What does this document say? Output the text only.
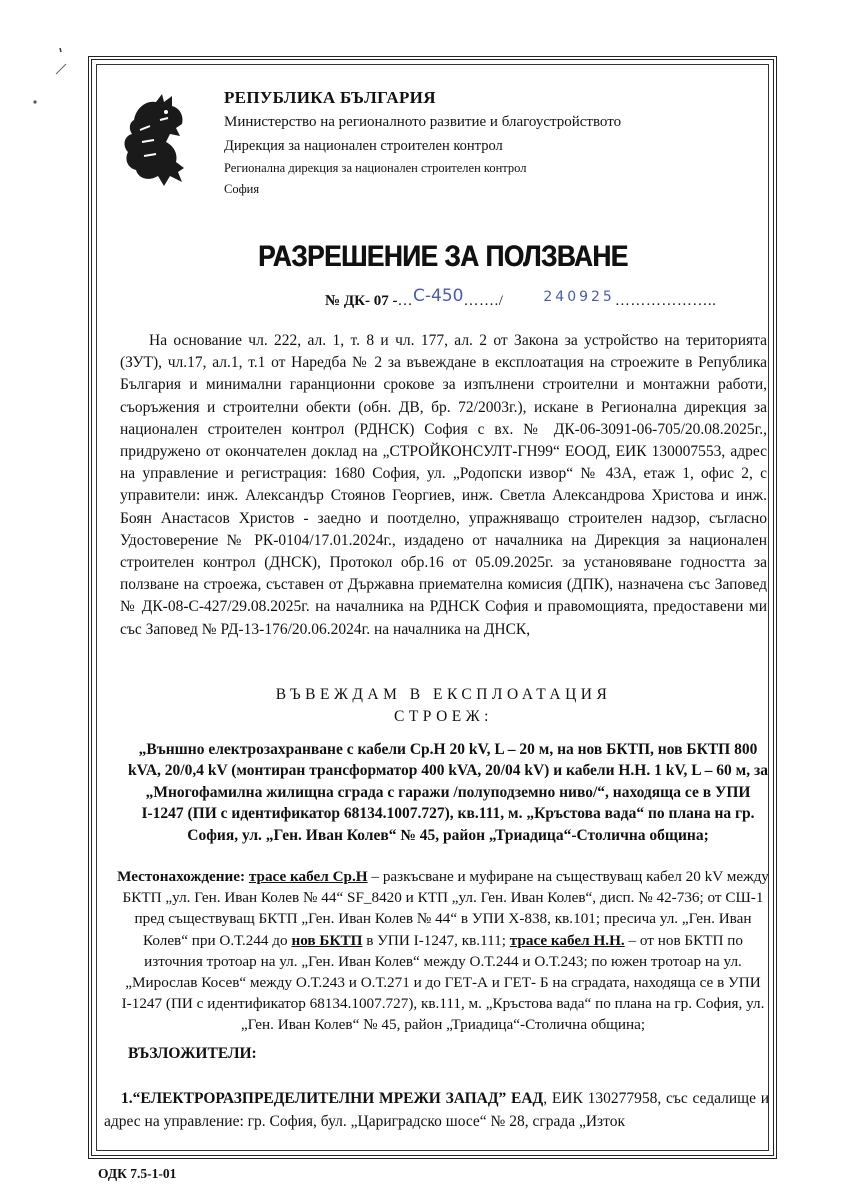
РЕПУБЛИКА БЪЛГАРИЯ
Министерство на регионалното развитие и благоустройството
Дирекция за национален строителен контрол
Регионална дирекция за национален строителен контрол
София
РАЗРЕШЕНИЕ ЗА ПОЛЗВАНЕ
№ ДК- 07 -…С-450……./	240925………………..

На основание чл. 222, ал. 1, т. 8 и чл. 177, ал. 2 от Закона за устройство на територията (ЗУТ), чл.17, ал.1, т.1 от Наредба № 2 за въвеждане в експлоатация на строежите в Република България и минимални гаранционни срокове за изпълнени строителни и монтажни работи, съоръжения и строителни обекти (обн. ДВ, бр. 72/2003г.), искане в Регионална дирекция за национален строителен контрол (РДНСК) София с вх. № ДК-06-3091-06-705/20.08.2025г., придружено от окончателен доклад на „СТРОЙКОНСУЛТ-ГН99“ ЕООД, ЕИК 130007553, адрес на управление и регистрация: 1680 София, ул. „Родопски извор“ № 43А, етаж 1, офис 2, с управители: инж. Александър Стоянов Георгиев, инж. Светла Александрова Христова и инж. Боян Анастасов Христов - заедно и поотделно, упражняващо строителен надзор, съгласно Удостоверение № РК-0104/17.01.2024г., издадено от началника на Дирекция за национален строителен контрол (ДНСК), Протокол обр.16 от 05.09.2025г. за установяване годността за ползване на строежа, съставен от Държавна приемателна комисия (ДПК), назначена със Заповед № ДК-08-С-427/29.08.2025г. на началника на РДНСК София и правомощията, предоставени ми със Заповед № РД-13-176/20.06.2024г. на началника на ДНСК,

ВЪВЕЖДАМ В ЕКСПЛОАТАЦИЯ
СТРОЕЖ:
„Външно електрозахранване с кабели Ср.Н 20 kV, L – 20 м, на нов БКТП, нов БКТП 800 kVA, 20/0,4 kV (монтиран трансформатор 400 kVA, 20/04 kV) и кабели Н.Н. 1 kV, L – 60 м, за „Многофамилна жилищна сграда с гаражи /полуподземно ниво/“, находяща се в УПИ І-1247 (ПИ с идентификатор 68134.1007.727), кв.111, м. „Кръстова вада“ по плана на гр. София, ул. „Ген. Иван Колев“ № 45, район „Триадица“-Столична община;
Местонахождение: трасе кабел Ср.Н – разкъсване и муфиране на съществуващ кабел 20 kV между БКТП „ул. Ген. Иван Колев № 44“ SF_8420 и КТП „ул. Ген. Иван Колев“, дисп. № 42-736; от СШ-1 пред съществуващ БКТП „Ген. Иван Колев № 44“ в УПИ Х-838, кв.101; пресича ул. „Ген. Иван Колев“ при О.Т.244 до нов БКТП в УПИ І-1247, кв.111; трасе кабел Н.Н. – от нов БКТП по източния тротоар на ул. „Ген. Иван Колев“ между О.Т.244 и О.Т.243; по южен тротоар на ул. „Мирослав Косев“ между О.Т.243 и О.Т.271 и до ГЕТ-А и ГЕТ- Б на сградата, находяща се в УПИ І-1247 (ПИ с идентификатор 68134.1007.727), кв.111, м. „Кръстова вада“ по плана на гр. София, ул. „Ген. Иван Колев“ № 45, район „Триадица“-Столична община;
ВЪЗЛОЖИТЕЛИ:

1.“ЕЛЕКТРОРАЗПРЕДЕЛИТЕЛНИ МРЕЖИ ЗАПАД” ЕАД, ЕИК 130277958, със седалище и адрес на управление: гр. София, бул. „Цариградско шосе“ № 28, сграда „Изток

ОДК 7.5-1-01
